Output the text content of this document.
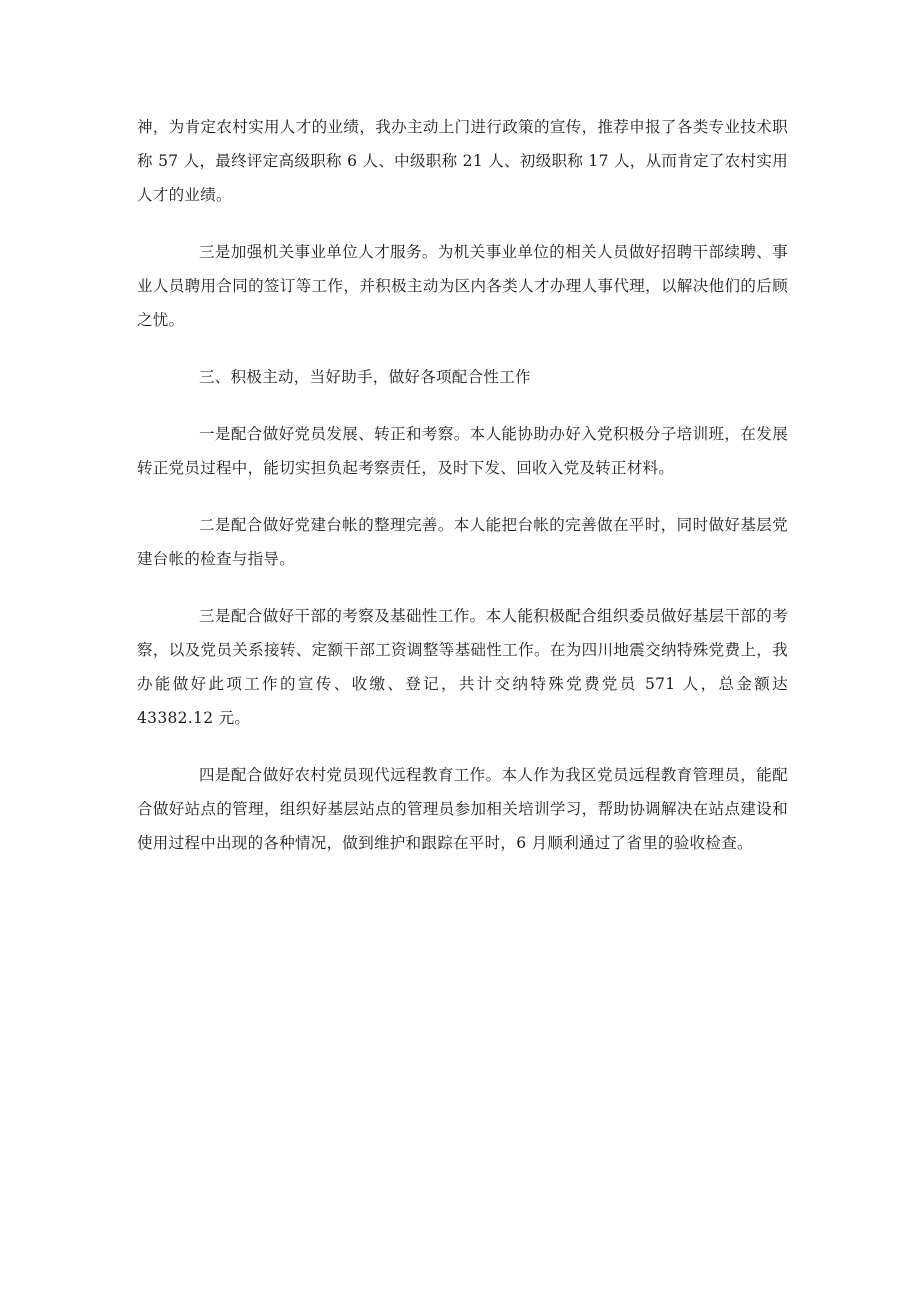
神，为肯定农村实用人才的业绩，我办主动上门进行政策的宣传，推荐申报了各类专业技术职称 57 人，最终评定高级职称 6 人、中级职称 21 人、初级职称 17 人，从而肯定了农村实用人才的业绩。

三是加强机关事业单位人才服务。为机关事业单位的相关人员做好招聘干部续聘、事业人员聘用合同的签订等工作，并积极主动为区内各类人才办理人事代理，以解决他们的后顾之忧。

三、积极主动，当好助手，做好各项配合性工作

一是配合做好党员发展、转正和考察。本人能协助办好入党积极分子培训班，在发展转正党员过程中，能切实担负起考察责任，及时下发、回收入党及转正材料。

二是配合做好党建台帐的整理完善。本人能把台帐的完善做在平时，同时做好基层党建台帐的检查与指导。

三是配合做好干部的考察及基础性工作。本人能积极配合组织委员做好基层干部的考察，以及党员关系接转、定额干部工资调整等基础性工作。在为四川地震交纳特殊党费上，我办能做好此项工作的宣传、收缴、登记，共计交纳特殊党费党员 571 人，总金额达 43382.12 元。

四是配合做好农村党员现代远程教育工作。本人作为我区党员远程教育管理员，能配合做好站点的管理，组织好基层站点的管理员参加相关培训学习，帮助协调解决在站点建设和使用过程中出现的各种情况，做到维护和跟踪在平时，6 月顺利通过了省里的验收检查。
